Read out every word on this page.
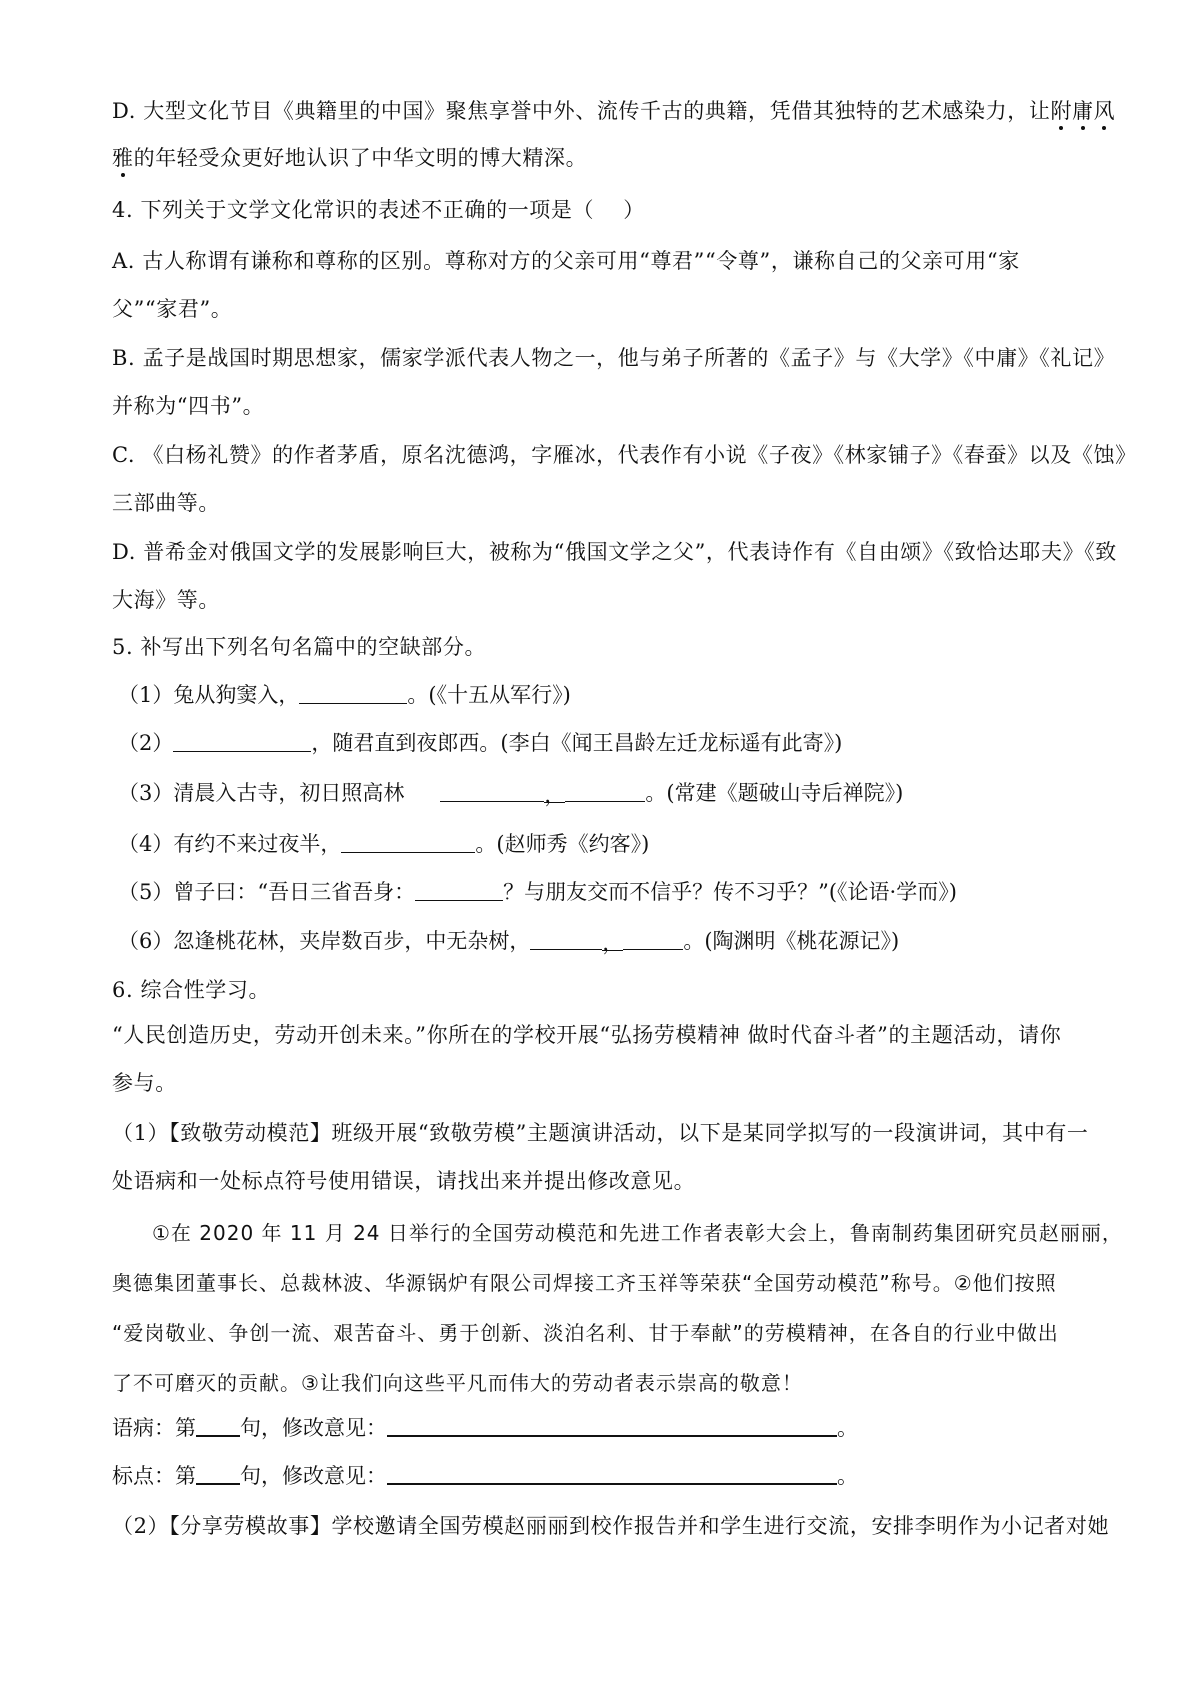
D. 大型文化节目《典籍里的中国》聚焦享誉中外、流传千古的典籍，凭借其独特的艺术感染力，让附庸风
雅的年轻受众更好地认识了中华文明的博大精深。
4. 下列关于文学文化常识的表述不正确的一项是（    ）
A. 古人称谓有谦称和尊称的区别。尊称对方的父亲可用“尊君”“令尊”，谦称自己的父亲可用“家
父”“家君”。
B. 孟子是战国时期思想家，儒家学派代表人物之一，他与弟子所著的《孟子》与《大学》《中庸》《礼记》
并称为“四书”。
C. 《白杨礼赞》的作者茅盾，原名沈德鸿，字雁冰，代表作有小说《子夜》《林家铺子》《春蚕》以及《蚀》
三部曲等。
D. 普希金对俄国文学的发展影响巨大，被称为“俄国文学之父”，代表诗作有《自由颂》《致恰达耶夫》《致
大海》等。
5. 补写出下列名句名篇中的空缺部分。
（1）兔从狗窦入，	。(《十五从军行》)
（2）	，随君直到夜郎西。(李白《闻王昌龄左迁龙标遥有此寄》)
（3）清晨入古寺，初日照高林	，	。(常建《题破山寺后禅院》)
（4）有约不来过夜半，	。(赵师秀《约客》)
（5）曾子曰：“吾日三省吾身：	？与朋友交而不信乎？传不习乎？”(《论语·学而》)
（6）忽逢桃花林，夹岸数百步，中无杂树，	，	。(陶渊明《桃花源记》)
6. 综合性学习。
“人民创造历史，劳动开创未来。”你所在的学校开展“弘扬劳模精神 做时代奋斗者”的主题活动，请你
参与。
（1）【致敬劳动模范】班级开展“致敬劳模”主题演讲活动，以下是某同学拟写的一段演讲词，其中有一
处语病和一处标点符号使用错误，请找出来并提出修改意见。
①在 2020 年 11 月 24 日举行的全国劳动模范和先进工作者表彰大会上，鲁南制药集团研究员赵丽丽，
奥德集团董事长、总裁林波、华源锅炉有限公司焊接工齐玉祥等荣获“全国劳动模范”称号。②他们按照
“爱岗敬业、争创一流、艰苦奋斗、勇于创新、淡泊名利、甘于奉献”的劳模精神，在各自的行业中做出
了不可磨灭的贡献。③让我们向这些平凡而伟大的劳动者表示崇高的敬意！
语病：第 句，修改意见：	。
标点：第 句，修改意见：	。
（2）【分享劳模故事】学校邀请全国劳模赵丽丽到校作报告并和学生进行交流，安排李明作为小记者对她
